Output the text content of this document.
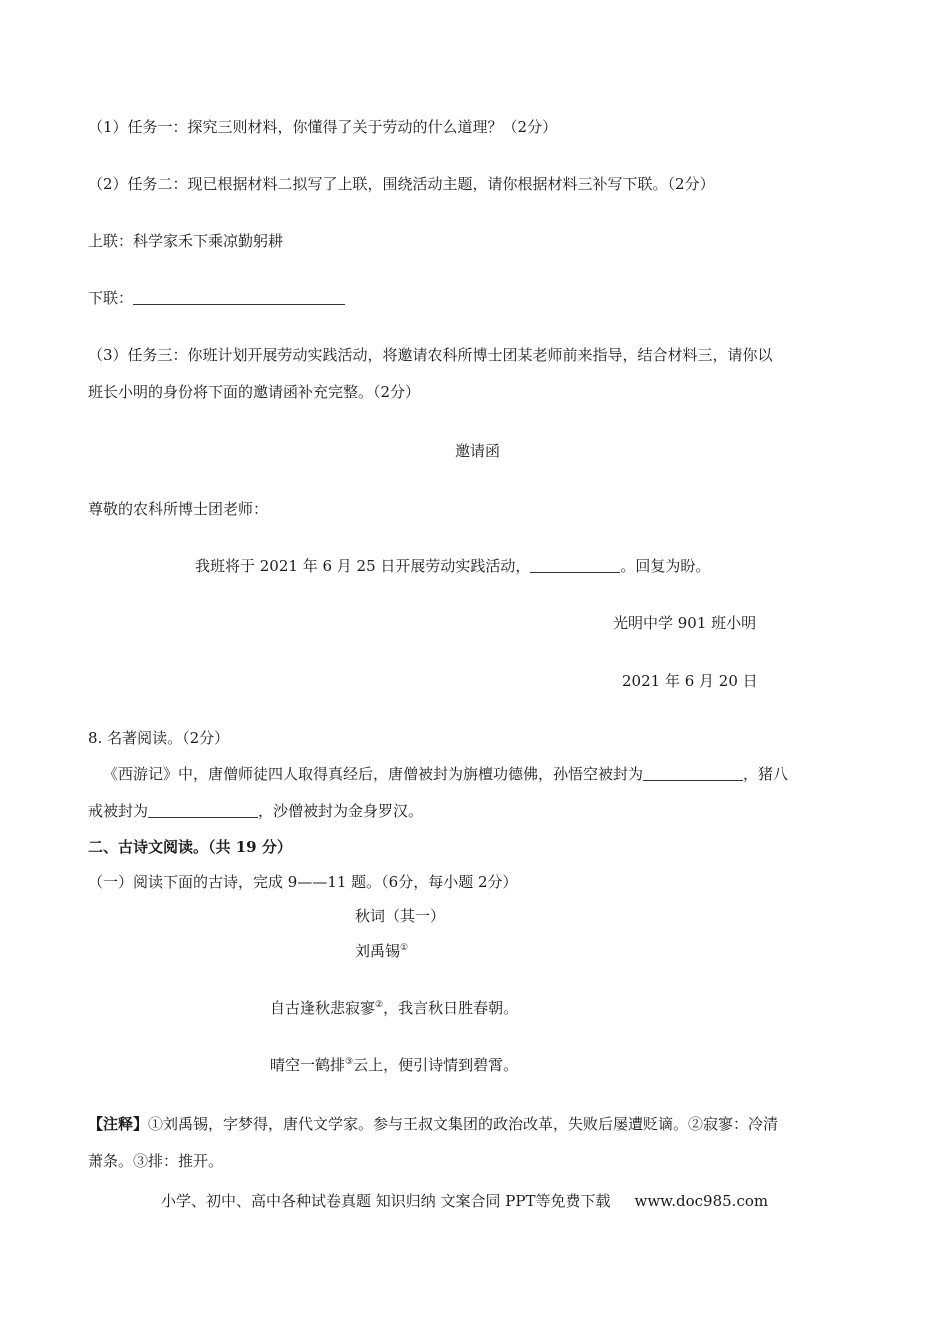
（1）任务一：探究三则材料，你懂得了关于劳动的什么道理？（2分）
（2）任务二：现已根据材料二拟写了上联，围绕活动主题，请你根据材料三补写下联。（2分）
上联：科学家禾下乘凉勤躬耕
下联：
（3）任务三：你班计划开展劳动实践活动，将邀请农科所博士团某老师前来指导，结合材料三，请你以
班长小明的身份将下面的邀请函补充完整。（2分）
邀请函
尊敬的农科所博士团老师：
我班将于 2021 年 6 月 25 日开展劳动实践活动，	。回复为盼。
光明中学 901 班小明
2021 年 6 月 20 日
8. 名著阅读。（2分）
《西游记》中，唐僧师徒四人取得真经后，唐僧被封为旃檀功德佛，孙悟空被封为	，猪八
戒被封为	，沙僧被封为金身罗汉。
二、古诗文阅读。（共 19 分）
（一）阅读下面的古诗，完成 9——11 题。（6分，每小题 2分）
秋词（其一）
刘禹锡①
自古逢秋悲寂寥②，我言秋日胜春朝。
晴空一鹤排③云上，便引诗情到碧霄。
【注释】①刘禹锡，字梦得，唐代文学家。参与王叔文集团的政治改革，失败后屡遭贬谪。②寂寥：冷清
萧条。③排：推开。
小学、初中、高中各种试卷真题 知识归纳 文案合同 PPT等免费下载 www.doc985.com
